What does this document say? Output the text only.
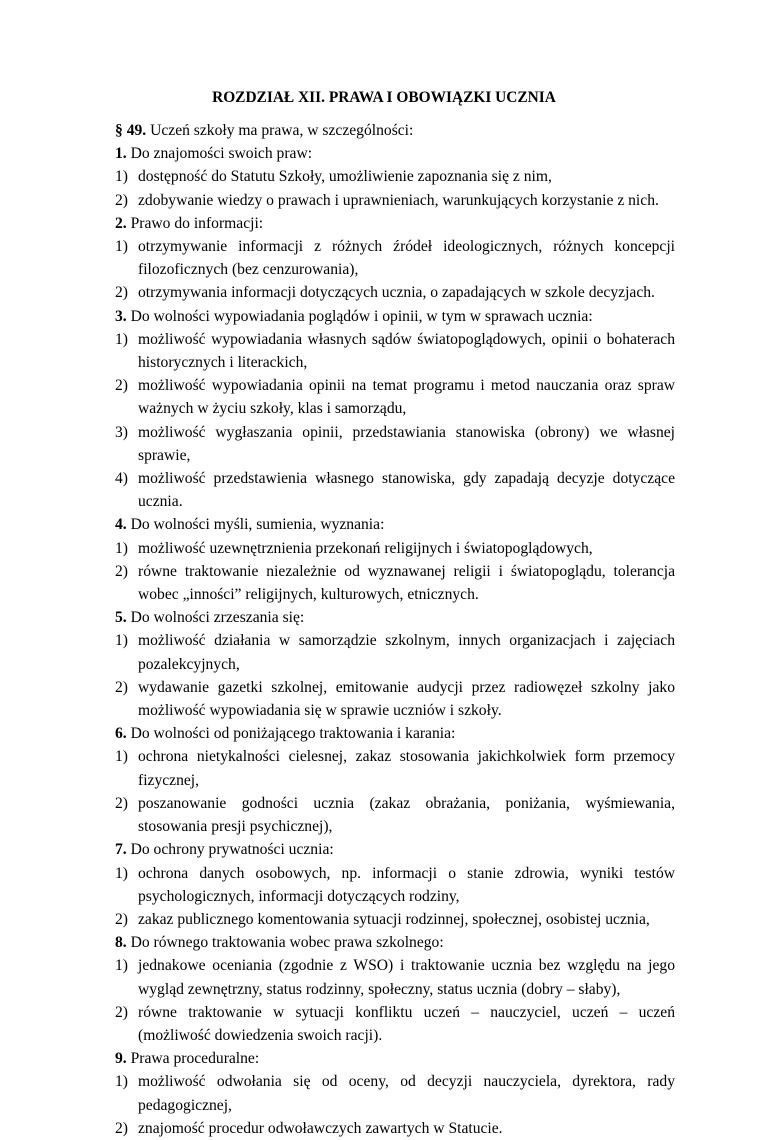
ROZDZIAŁ XII. PRAWA I OBOWIĄZKI UCZNIA

§ 49. Uczeń szkoły ma prawa, w szczególności:

1. Do znajomości swoich praw:

1) dostępność do Statutu Szkoły, umożliwienie zapoznania się z nim,
2) zdobywanie wiedzy o prawach i uprawnieniach, warunkujących korzystanie z nich.

2. Prawo do informacji:

1) otrzymywanie informacji z różnych źródeł ideologicznych, różnych koncepcji filozoficznych (bez cenzurowania),
2) otrzymywania informacji dotyczących ucznia, o zapadających w szkole decyzjach.

3. Do wolności wypowiadania poglądów i opinii, w tym w sprawach ucznia:

1) możliwość wypowiadania własnych sądów światopoglądowych, opinii o bohaterach historycznych i literackich,
2) możliwość wypowiadania opinii na temat programu i metod nauczania oraz spraw ważnych w życiu szkoły, klas i samorządu,
3) możliwość wygłaszania opinii, przedstawiania stanowiska (obrony) we własnej sprawie,
4) możliwość przedstawienia własnego stanowiska, gdy zapadają decyzje dotyczące ucznia.

4. Do wolności myśli, sumienia, wyznania:

1) możliwość uzewnętrznienia przekonań religijnych i światopoglądowych,
2) równe traktowanie niezależnie od wyznawanej religii i światopoglądu, tolerancja wobec „inności” religijnych, kulturowych, etnicznych.

5. Do wolności zrzeszania się:

1) możliwość działania w samorządzie szkolnym, innych organizacjach i zajęciach pozalekcyjnych,
2) wydawanie gazetki szkolnej, emitowanie audycji przez radiowęzeł szkolny jako możliwość wypowiadania się w sprawie uczniów i szkoły.

6. Do wolności od poniżającego traktowania i karania:

1) ochrona nietykalności cielesnej, zakaz stosowania jakichkolwiek form przemocy fizycznej,
2) poszanowanie godności ucznia (zakaz obrażania, poniżania, wyśmiewania, stosowania presji psychicznej),

7. Do ochrony prywatności ucznia:

1) ochrona danych osobowych, np. informacji o stanie zdrowia, wyniki testów psychologicznych, informacji dotyczących rodziny,
2) zakaz publicznego komentowania sytuacji rodzinnej, społecznej, osobistej ucznia,

8. Do równego traktowania wobec prawa szkolnego:

1) jednakowe oceniania (zgodnie z WSO) i traktowanie ucznia bez względu na jego wygląd zewnętrzny, status rodzinny, społeczny, status ucznia (dobry – słaby),
2) równe traktowanie w sytuacji konfliktu uczeń – nauczyciel, uczeń – uczeń (możliwość dowiedzenia swoich racji).

9. Prawa proceduralne:

1) możliwość odwołania się od oceny, od decyzji nauczyciela, dyrektora, rady pedagogicznej,
2) znajomość procedur odwoławczych zawartych w Statucie.
